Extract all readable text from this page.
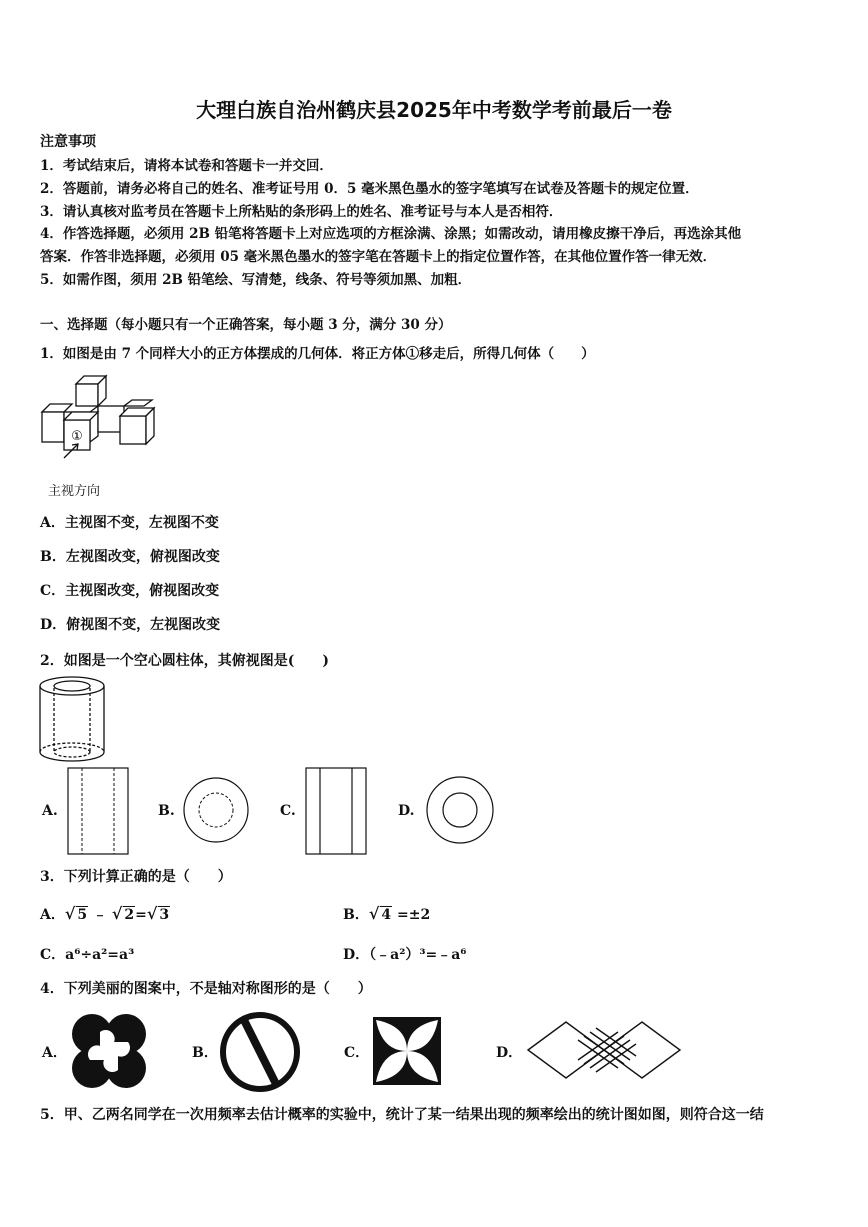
大理白族自治州鹤庆县2025年中考数学考前最后一卷
注意事项
1．考试结束后，请将本试卷和答题卡一并交回．
2．答题前，请务必将自己的姓名、准考证号用 0．5 毫米黑色墨水的签字笔填写在试卷及答题卡的规定位置．
3．请认真核对监考员在答题卡上所粘贴的条形码上的姓名、准考证号与本人是否相符．
4．作答选择题，必须用 2B 铅笔将答题卡上对应选项的方框涂满、涂黑；如需改动，请用橡皮擦干净后，再选涂其他
答案．作答非选择题，必须用 05 毫米黑色墨水的签字笔在答题卡上的指定位置作答，在其他位置作答一律无效．
5．如需作图，须用 2B 铅笔绘、写清楚，线条、符号等须加黑、加粗．
一、选择题（每小题只有一个正确答案，每小题 3 分，满分 30 分）
1．如图是由 7 个同样大小的正方体摆成的几何体．将正方体①移走后，所得几何体（　　）
①
主视方向
A．主视图不变，左视图不变
B．左视图改变，俯视图改变
C．主视图改变，俯视图改变
D．俯视图不变，左视图改变
2．如图是一个空心圆柱体，其俯视图是(　　)
A.	B.	C.	D.
3．下列计算正确的是（　　）
A．√ 5 ﹣ √ 2=√ 3	B．√ 4 =±2
C．a⁶÷a²=a³	D．（﹣a²）³=﹣a⁶
4．下列美丽的图案中，不是轴对称图形的是（　　）
A．	B．	C．	D．
5．甲、乙两名同学在一次用频率去估计概率的实验中，统计了某一结果出现的频率绘出的统计图如图，则符合这一结
